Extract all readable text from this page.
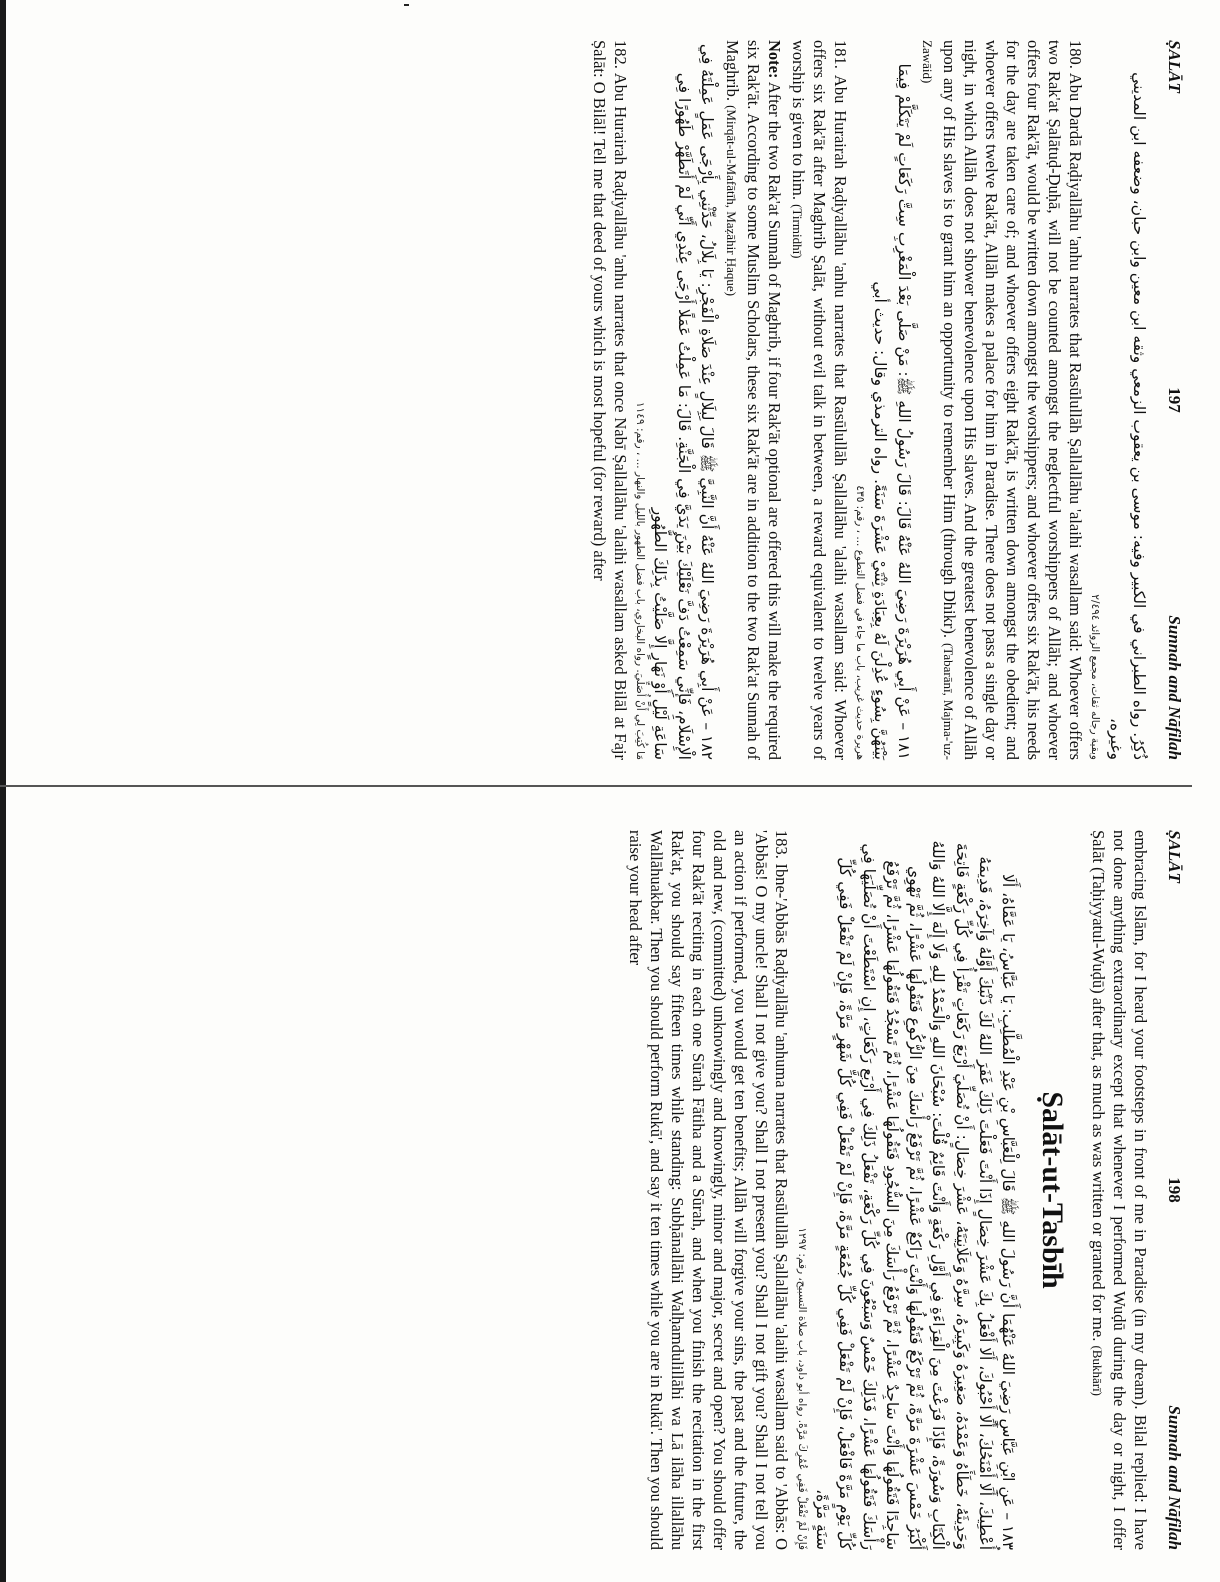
ṢALĀT
197
Sunnah and Nāfilah

ذُكِرُ. رواه الطبراني في الكبير وفيه: موسى بن يعقوب الزمعي وثقه ابن معين وابن حبان، وضعفه ابن المديني وغيره،

وبقية رجاله ثقات، مجمع الزوائد ٢/٤٩٤

180. Abu Dardā Raḍiyallāhu 'anhu narrates that Rasūlullāh Ṣallallāhu 'alaihi wasallam said: Whoever offers two Rak'at Ṣalātuḍ-Ḍuḥā, will not be counted amongst the neglectful worshippers of Allāh; and whoever offers four Rak'āt, would be written down amongst the worshippers; and whoever offers six Rak'āt, his needs for the day are taken care of; and whoever offers eight Rak'āt, is written down amongst the obedient; and whoever offers twelve Rak'āt, Allāh makes a palace for him in Paradise. There does not pass a single day or night, in which Allāh does not shower benevolence upon His slaves. And the greatest benevolence of Allāh upon any of His slaves is to grant him an opportunity to remember Him (through Dhikr). (Tabarānī, Majma-'uz-Zawāid)

١٨١ – عَنْ أَبِي هُرَيْرَةَ رَضِيَ اللهُ عَنْهُ قَالَ: قَالَ رَسُولُ اللهِ ﷺ: مَنْ صَلَّى بَعْدَ الْمَغْرِبِ سِتَّ رَكَعَاتٍ لَمْ يَتَكَلَّمْ فِيمَا بَيْنَهُنَّ بِسُوءٍ عُدِلْنَ لَهُ بِعِبَادَةِ ثِنْتَيْ عَشْرَةَ سَنَةً. رواه الترمذي وقال: حديث أبي

هريرة حديث غريب، باب ما جاء في فضل التطوع ... ، رقم: ٤٣٥

181. Abu Hurairah Raḍiyallāhu 'anhu narrates that Rasūlullāh Ṣallallāhu 'alaihi wasallam said: Whoever offers six Rak'āt after Maghrib Ṣalāt, without evil talk in between, a reward equivalent to twelve years of worship is given to him. (Tirmidhī)

Note: After the two Rak'at Sunnah of Maghrib, if four Rak'āt optional are offered this will make the required six Rak'āt. According to some Muslim Scholars, these six Rak'āt are in addition to the two Rak'at Sunnah of Maghrib. (Mirqāt-ul-Mafātīh, Maẓāhir Ḥaque)

١٨٢ – عَنْ أَبِي هُرَيْرَةَ رَضِيَ اللهُ عَنْهُ أَنَّ النَّبِيَّ ﷺ قَالَ لِبِلَالٍ عِنْدَ صَلَاةِ الْفَجْرِ: يَا بِلَالُ، حَدِّثْنِي بِأَرْجَى عَمَلٍ عَمِلْتَهُ فِي الْإِسْلَامِ، فَإِنِّي سَمِعْتُ دَفَّ نَعْلَيْكَ بَيْنَ يَدَيَّ فِي الْجَنَّةِ. قَالَ: مَا عَمِلْتُ عَمَلًا أَرْجَى عِنْدِي أَنِّي لَمْ أَتَطَهَّرْ طَهُورًا فِي سَاعَةِ لَيْلٍ أَوْ نَهَارٍ إِلَّا صَلَّيْتُ بِذَلِكَ الطُّهُورِ

مَا كُتِبَ لِي أَنْ أُصَلِّيَ. رواه البخاري، باب فضل الطهور بالليل والنهار ... ، رقم: ١١٤٩

182. Abu Hurairah Raḍiyallāhu 'anhu narrates that once Nabī Ṣallallāhu 'alaihi wasallam asked Bilāl at Fajr Ṣalāt: O Bilāl! Tell me that deed of yours which is most hopeful (for reward) after

ṢALĀT
198
Sunnah and Nāfilah

embracing Islām, for I heard your footsteps in front of me in Paradise (in my dream). Bilal replied: I have not done anything extraordinary except that whenever I performed Wuḍū during the day or night, I offer Ṣalāt (Taḥiyyatul-Wuḍū) after that, as much as was written or granted for me. (Bukhārī)

Ṣalāt-ut-Tasbīh

١٨٣ – عَنِ ابْنِ عَبَّاسٍ رَضِيَ اللهُ عَنْهُمَا أَنَّ رَسُولَ اللهِ ﷺ قَالَ لِلْعَبَّاسِ بْنِ عَبْدِ الْمُطَّلِبِ: يَا عَبَّاسُ، يَا عَمَّاهُ، أَلَا أُعْطِيكَ، أَلَا أَمْنَحُكَ، أَلَا أَحْبُوكَ، أَلَا أَفْعَلُ بِكَ عَشْرَ خِصَالٍ إِذَا أَنْتَ فَعَلْتَ ذَلِكَ غَفَرَ اللهُ لَكَ ذَنْبَكَ أَوَّلَهُ وَآخِرَهُ، قَدِيمَهُ وَحَدِيثَهُ، خَطَأَهُ وَعَمْدَهُ، صَغِيرَهُ وَكَبِيرَهُ، سِرَّهُ وَعَلَانِيَتَهُ، عَشْرَ خِصَالٍ: أَنْ تُصَلِّيَ أَرْبَعَ رَكَعَاتٍ تَقْرَأُ فِي كُلِّ رَكْعَةٍ فَاتِحَةَ الْكِتَابِ وَسُورَةً، فَإِذَا فَرَغْتَ مِنَ الْقِرَاءَةِ فِي أَوَّلِ رَكْعَةٍ وَأَنْتَ قَائِمٌ قُلْتَ: سُبْحَانَ اللهِ وَالْحَمْدُ لِلهِ وَلَا إِلَهَ إِلَّا اللهُ وَاللهُ أَكْبَرُ خَمْسَ عَشْرَةَ مَرَّةً، ثُمَّ تَرْكَعُ فَتَقُولُهَا وَأَنْتَ رَاكِعٌ عَشْرًا، ثُمَّ تَرْفَعُ رَأْسَكَ مِنَ الرُّكُوعِ فَتَقُولُهَا عَشْرًا، ثُمَّ تَهْوِي سَاجِدًا فَتَقُولُهَا وَأَنْتَ سَاجِدٌ عَشْرًا، ثُمَّ تَرْفَعُ رَأْسَكَ مِنَ السُّجُودِ فَتَقُولُهَا عَشْرًا، ثُمَّ تَسْجُدُ فَتَقُولُهَا عَشْرًا، ثُمَّ تَرْفَعُ رَأْسَكَ فَتَقُولُهَا عَشْرًا، فَذَلِكَ خَمْسٌ وَسَبْعُونَ فِي كُلِّ رَكْعَةٍ، تَفْعَلُ ذَلِكَ فِي أَرْبَعِ رَكَعَاتٍ، إِنِ اسْتَطَعْتَ أَنْ تُصَلِّيَهَا فِي كُلِّ يَوْمٍ مَرَّةً فَافْعَلْ، فَإِنْ لَمْ تَفْعَلْ فَفِي كُلِّ جُمُعَةٍ مَرَّةً، فَإِنْ لَمْ تَفْعَلْ فَفِي كُلِّ شَهْرٍ مَرَّةً، فَإِنْ لَمْ تَفْعَلْ فَفِي كُلِّ سَنَةٍ مَرَّةً،

فَإِنْ لَمْ تَفْعَلْ فَفِي عُمُرِكَ مَرَّةً. رواه أبو داود، باب صلاة التسبيح، رقم: ١٢٩٧

183. Ibne-'Abbās Raḍiyallāhu 'anhuma narrates that Rasūlullāh Ṣallallāhu 'alaihi wasallam said to 'Abbās: O 'Abbās! O my uncle! Shall I not give you? Shall I not present you? Shall I not gift you? Shall I not tell you an action if performed, you would get ten benefits; Allāh will forgive your sins, the past and the future, the old and new, (committed) unknowingly and knowingly, minor and major, secret and open? You should offer four Rak'āt reciting in each one Sūrah Fātiha and a Sūrah, and when you finish the recitation in the first Rak'at, you should say fifteen times while standing: Subḥānallāhi Walḥamdulillāhi wa Lā ilāha illallāhu Wallāhuakbar. Then you should perform Rukū', and say it ten times while you are in Rukū'. Then you should raise your head after
